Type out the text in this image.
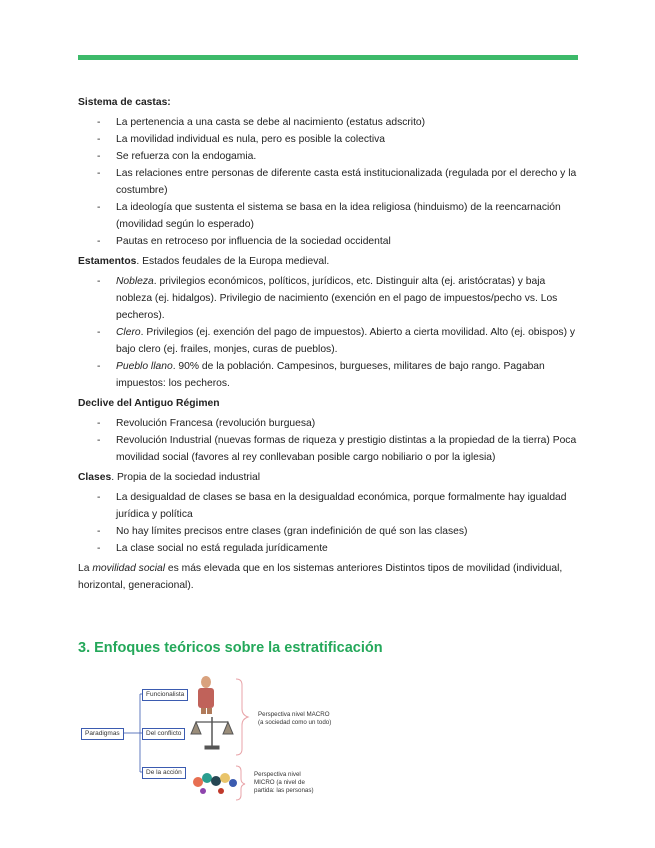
Sistema de castas:

- La pertenencia a una casta se debe al nacimiento (estatus adscrito)
- La movilidad individual es nula, pero es posible la colectiva
- Se refuerza con la endogamia.
- Las relaciones entre personas de diferente casta está institucionalizada (regulada por el derecho y la costumbre)
- La ideología que sustenta el sistema se basa en la idea religiosa (hinduismo) de la reencarnación (movilidad según lo esperado)
- Pautas en retroceso por influencia de la sociedad occidental

Estamentos. Estados feudales de la Europa medieval.

- Nobleza. privilegios económicos, políticos, jurídicos, etc. Distinguir alta (ej. aristócratas) y baja nobleza (ej. hidalgos). Privilegio de nacimiento (exención en el pago de impuestos/pecho vs. Los pecheros).
- Clero. Privilegios (ej. exención del pago de impuestos). Abierto a cierta movilidad. Alto (ej. obispos) y bajo clero (ej. frailes, monjes, curas de pueblos).
- Pueblo llano. 90% de la población. Campesinos, burgueses, militares de bajo rango. Pagaban impuestos: los pecheros.

Declive del Antiguo Régimen

- Revolución Francesa (revolución burguesa)
- Revolución Industrial (nuevas formas de riqueza y prestigio distintas a la propiedad de la tierra) Poca movilidad social (favores al rey conllevaban posible cargo nobiliario o por la iglesia)

Clases. Propia de la sociedad industrial

- La desigualdad de clases se basa en la desigualdad económica, porque formalmente hay igualdad jurídica y política
- No hay límites precisos entre clases (gran indefinición de qué son las clases)
- La clase social no está regulada jurídicamente

La movilidad social es más elevada que en los sistemas anteriores Distintos tipos de movilidad (individual, horizontal, generacional).

3. Enfoques teóricos sobre la estratificación
Paradigmas
Funcionalista
Del conflicto
De la acción
Perspectiva nivel MACRO
(a sociedad como un todo)
Perspectiva nivel
MICRO (a nivel de
partida: las personas)
